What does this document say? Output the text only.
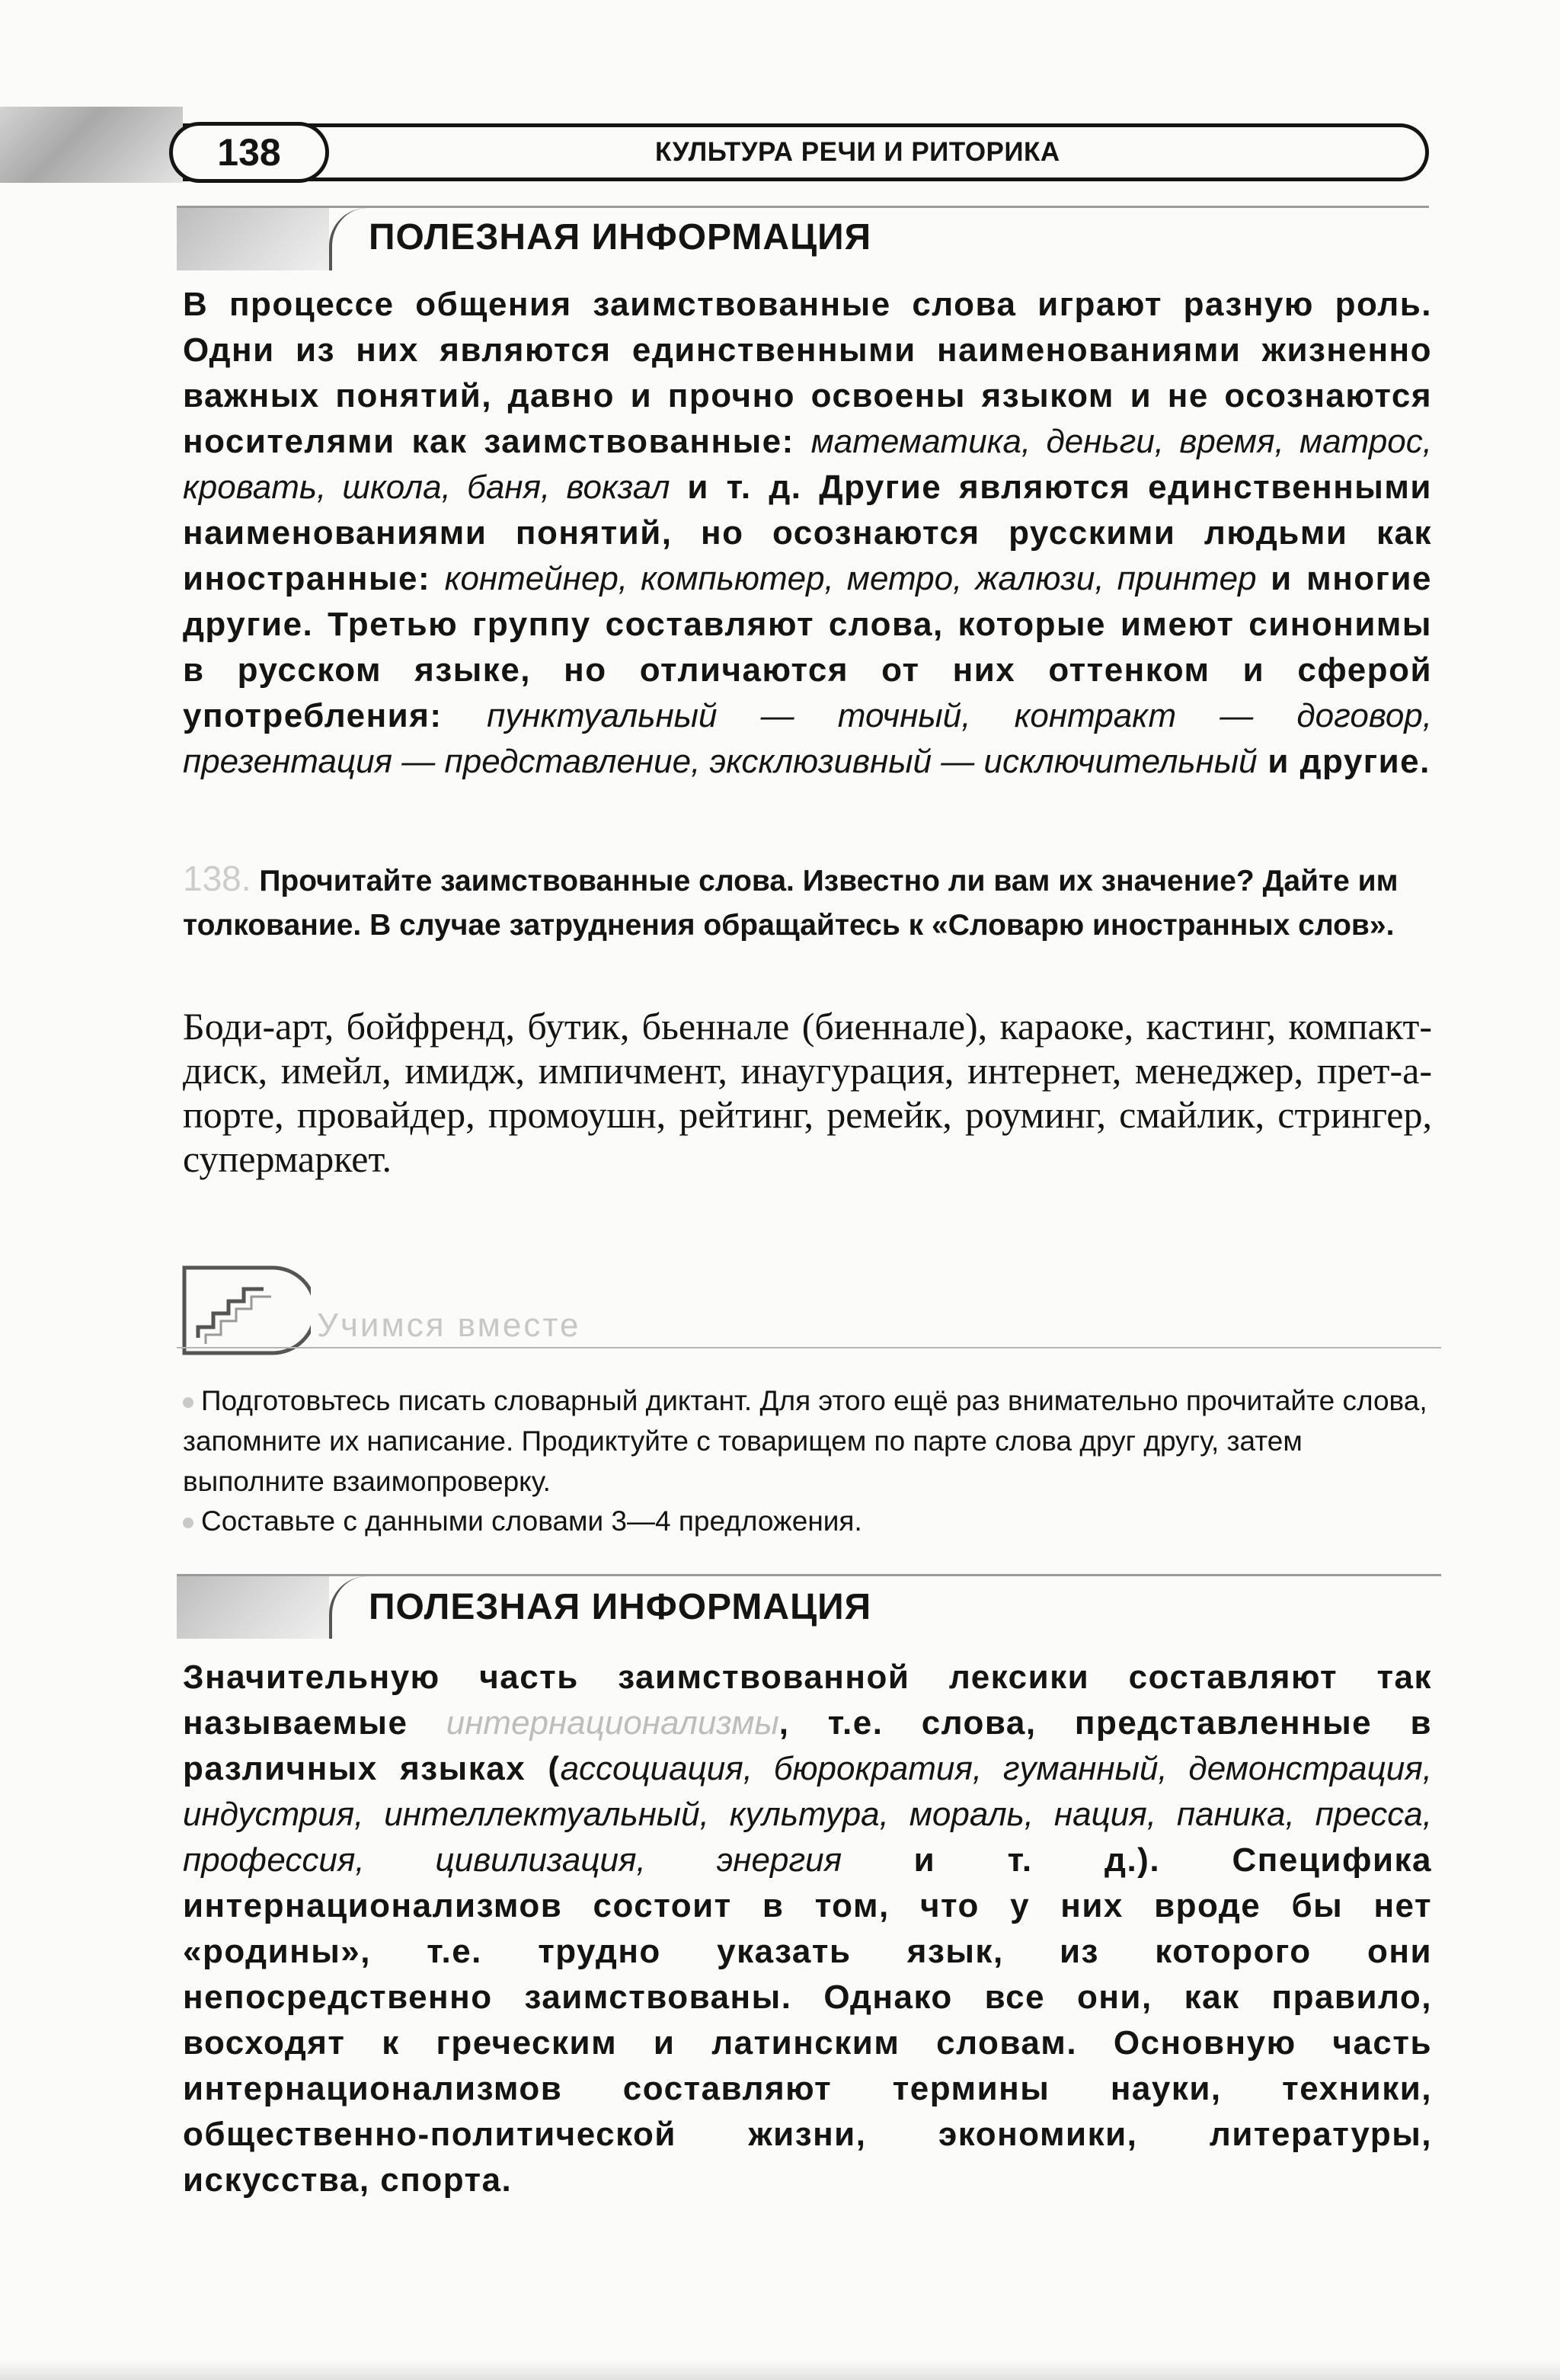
138	КУЛЬТУРА РЕЧИ И РИТОРИКА
ПОЛЕЗНАЯ ИНФОРМАЦИЯ
В процессе общения заимствованные слова играют разную роль. Одни из них являются единственными наименованиями жизненно важных понятий, давно и прочно освоены языком и не осознаются носителями как заимствованные: математика, деньги, время, матрос, кровать, школа, баня, вокзал и т. д. Другие являются единственными наименованиями понятий, но осознаются русскими людьми как иностранные: контейнер, компьютер, метро, жалюзи, принтер и многие другие. Третью группу составляют слова, которые имеют синонимы в русском языке, но отличаются от них оттенком и сферой употребления: пунктуальный — точный, контракт — договор, презентация — представление, эксклюзивный — исключительный и другие.
138. Прочитайте заимствованные слова. Известно ли вам их значение? Дайте им толкование. В случае затруднения обращайтесь к «Словарю иностранных слов».
Боди-арт, бойфренд, бутик, бьеннале (биеннале), караоке, кастинг, компакт-диск, имейл, имидж, импичмент, инаугурация, интернет, менеджер, прет-а-порте, провайдер, промоушн, рейтинг, ремейк, роуминг, смайлик, стрингер, супермаркет.
Учимся вместе
Подготовьтесь писать словарный диктант. Для этого ещё раз внимательно прочитайте слова, запомните их написание. Продиктуйте с товарищем по парте слова друг другу, затем выполните взаимопроверку.
Составьте с данными словами 3—4 предложения.
ПОЛЕЗНАЯ ИНФОРМАЦИЯ
Значительную часть заимствованной лексики составляют так называемые интернационализмы, т.е. слова, представленные в различных языках (ассоциация, бюрократия, гуманный, демонстрация, индустрия, интеллектуальный, культура, мораль, нация, паника, пресса, профессия, цивилизация, энергия и т. д.). Специфика интернационализмов состоит в том, что у них вроде бы нет «родины», т.е. трудно указать язык, из которого они непосредственно заимствованы. Однако все они, как правило, восходят к греческим и латинским словам. Основную часть интернационализмов составляют термины науки, техники, общественно-политической жизни, экономики, литературы, искусства, спорта.
